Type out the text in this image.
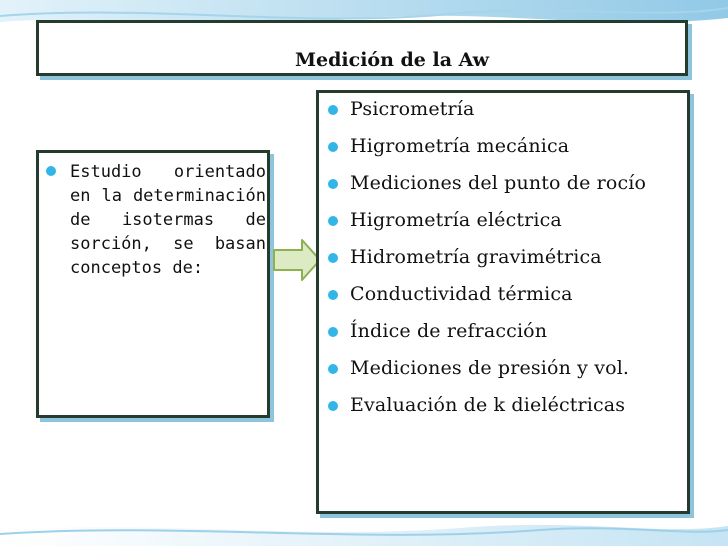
Medición de la Aw
Estudio orientado en la determinación de isotermas de sorción, se basan conceptos de:
Psicrometría
Higrometría mecánica
Mediciones del punto de rocío
Higrometría eléctrica
Hidrometría gravimétrica
Conductividad térmica
Índice de refracción
Mediciones de presión y vol.
Evaluación de k dieléctricas
